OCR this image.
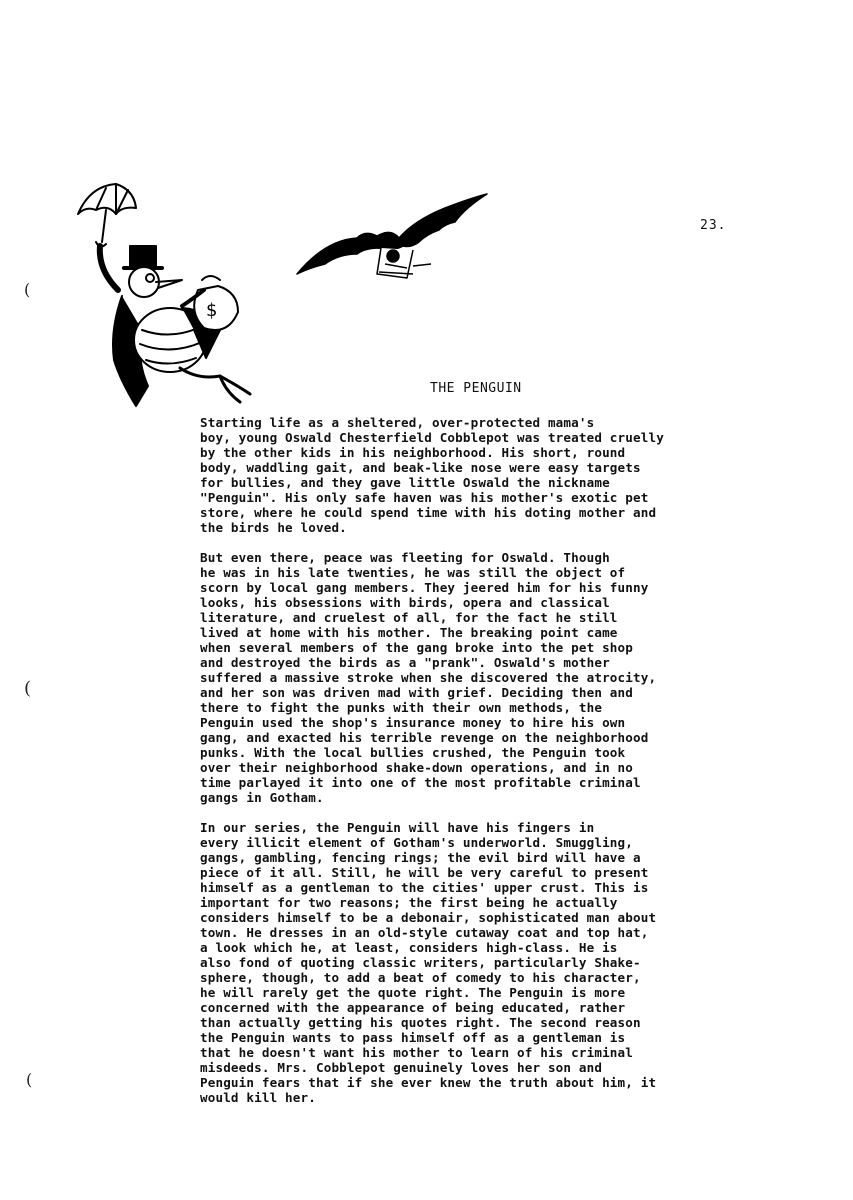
$
23.
(
(
(
THE PENGUIN

Starting life as a sheltered, over-protected mama's
boy, young Oswald Chesterfield Cobblepot was treated cruelly
by the other kids in his neighborhood. His short, round
body, waddling gait, and beak-like nose were easy targets
for bullies, and they gave little Oswald the nickname
"Penguin". His only safe haven was his mother's exotic pet
store, where he could spend time with his doting mother and
the birds he loved.

But even there, peace was fleeting for Oswald. Though
he was in his late twenties, he was still the object of
scorn by local gang members. They jeered him for his funny
looks, his obsessions with birds, opera and classical
literature, and cruelest of all, for the fact he still
lived at home with his mother. The breaking point came
when several members of the gang broke into the pet shop
and destroyed the birds as a "prank". Oswald's mother
suffered a massive stroke when she discovered the atrocity,
and her son was driven mad with grief. Deciding then and
there to fight the punks with their own methods, the
Penguin used the shop's insurance money to hire his own
gang, and exacted his terrible revenge on the neighborhood
punks. With the local bullies crushed, the Penguin took
over their neighborhood shake-down operations, and in no
time parlayed it into one of the most profitable criminal
gangs in Gotham.

In our series, the Penguin will have his fingers in
every illicit element of Gotham's underworld. Smuggling,
gangs, gambling, fencing rings; the evil bird will have a
piece of it all. Still, he will be very careful to present
himself as a gentleman to the cities' upper crust. This is
important for two reasons; the first being he actually
considers himself to be a debonair, sophisticated man about
town. He dresses in an old-style cutaway coat and top hat,
a look which he, at least, considers high-class. He is
also fond of quoting classic writers, particularly Shake-
sphere, though, to add a beat of comedy to his character,
he will rarely get the quote right. The Penguin is more
concerned with the appearance of being educated, rather
than actually getting his quotes right. The second reason
the Penguin wants to pass himself off as a gentleman is
that he doesn't want his mother to learn of his criminal
misdeeds. Mrs. Cobblepot genuinely loves her son and
Penguin fears that if she ever knew the truth about him, it
would kill her.
